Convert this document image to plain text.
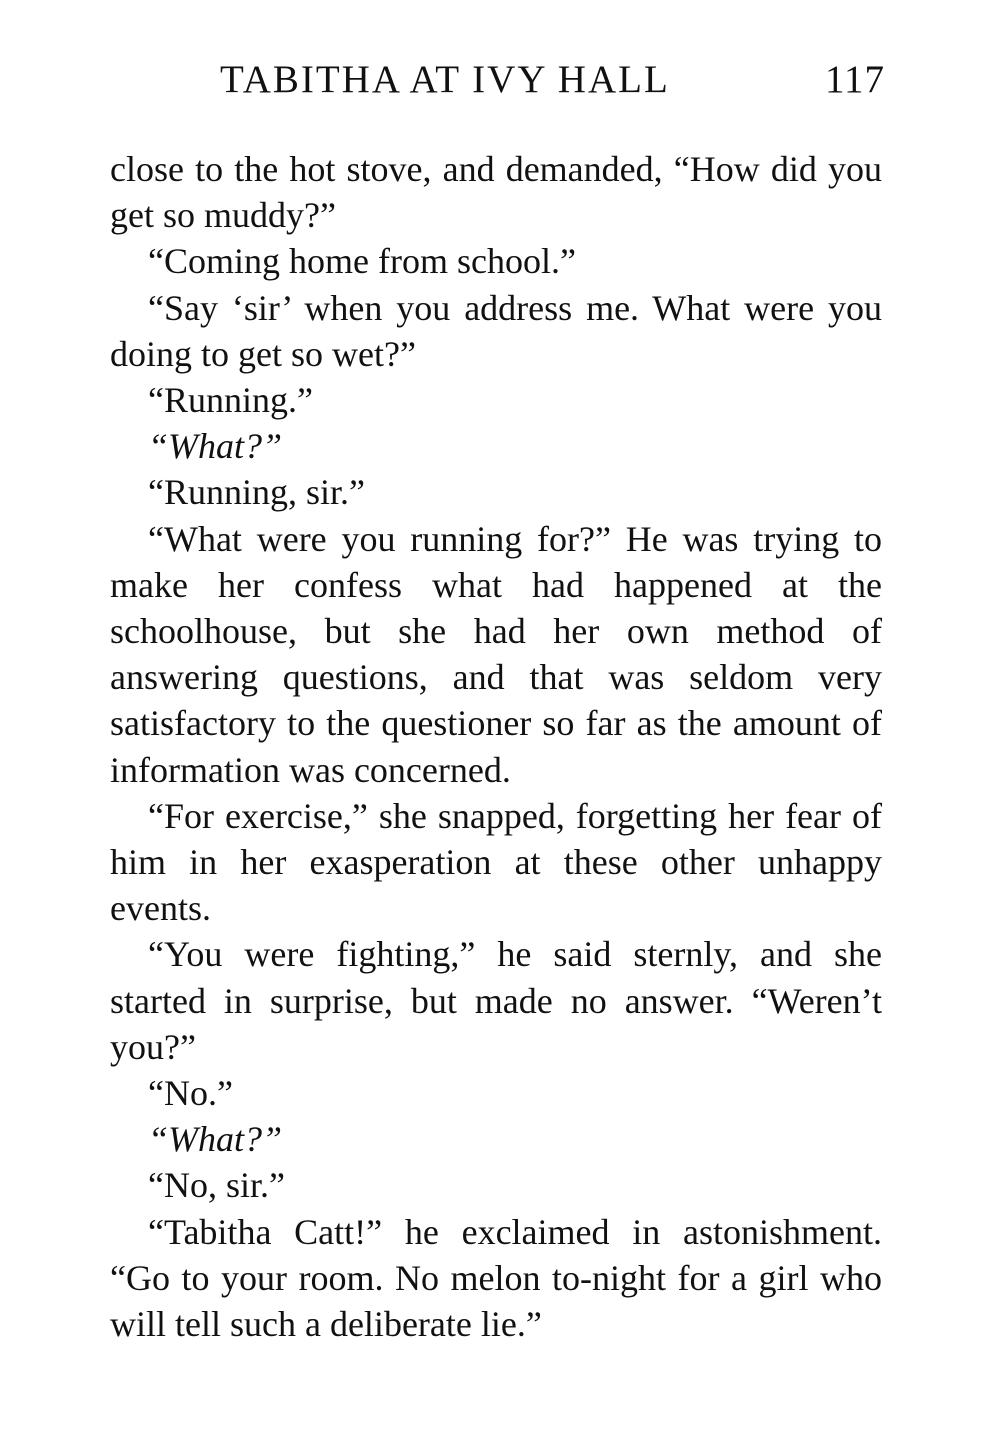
TABITHA AT IVY HALL	117

close to the hot stove, and demanded, “How did you get so muddy?”

“Coming home from school.”

“Say ‘sir’ when you address me. What were you doing to get so wet?”

“Running.”

“What?”

“Running, sir.”

“What were you running for?” He was trying to make her confess what had happened at the schoolhouse, but she had her own method of answering questions, and that was seldom very satisfactory to the questioner so far as the amount of information was concerned.

“For exercise,” she snapped, forgetting her fear of him in her exasperation at these other unhappy events.

“You were fighting,” he said sternly, and she started in surprise, but made no answer. “Weren’t you?”

“No.”

“What?”

“No, sir.”

“Tabitha Catt!” he exclaimed in astonishment. “Go to your room. No melon to-night for a girl who will tell such a deliberate lie.”
